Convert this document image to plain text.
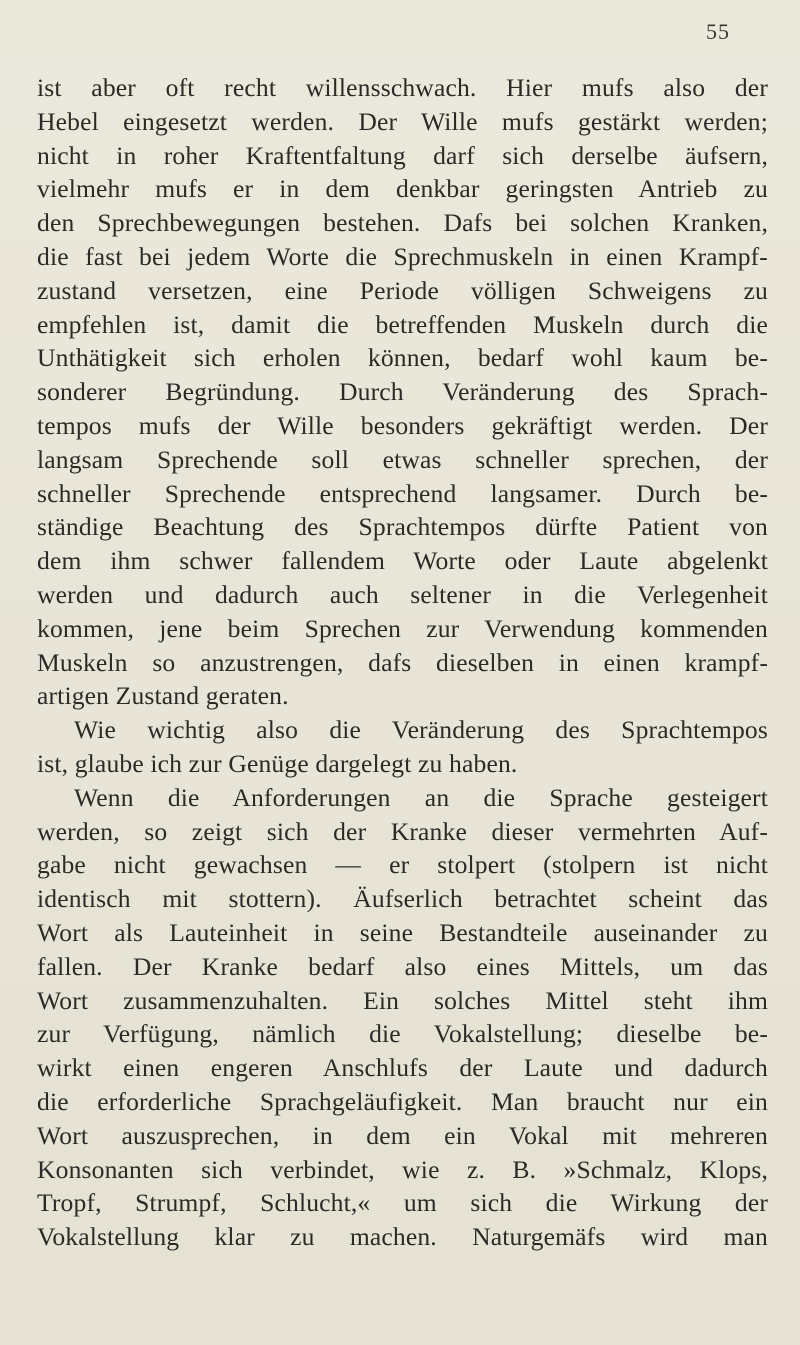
55
ist aber oft recht willensschwach. Hier mufs also der
Hebel eingesetzt werden. Der Wille mufs gestärkt werden;
nicht in roher Kraftentfaltung darf sich derselbe äufsern,
vielmehr mufs er in dem denkbar geringsten Antrieb zu
den Sprechbewegungen bestehen. Dafs bei solchen Kranken,
die fast bei jedem Worte die Sprechmuskeln in einen Krampf-
zustand versetzen, eine Periode völligen Schweigens zu
empfehlen ist, damit die betreffenden Muskeln durch die
Unthätigkeit sich erholen können, bedarf wohl kaum be-
sonderer Begründung. Durch Veränderung des Sprach-
tempos mufs der Wille besonders gekräftigt werden. Der
langsam Sprechende soll etwas schneller sprechen, der
schneller Sprechende entsprechend langsamer. Durch be-
ständige Beachtung des Sprachtempos dürfte Patient von
dem ihm schwer fallendem Worte oder Laute abgelenkt
werden und dadurch auch seltener in die Verlegenheit
kommen, jene beim Sprechen zur Verwendung kommenden
Muskeln so anzustrengen, dafs dieselben in einen krampf-
artigen Zustand geraten.
Wie wichtig also die Veränderung des Sprachtempos
ist, glaube ich zur Genüge dargelegt zu haben.
Wenn die Anforderungen an die Sprache gesteigert
werden, so zeigt sich der Kranke dieser vermehrten Auf-
gabe nicht gewachsen — er stolpert (stolpern ist nicht
identisch mit stottern). Äufserlich betrachtet scheint das
Wort als Lauteinheit in seine Bestandteile auseinander zu
fallen. Der Kranke bedarf also eines Mittels, um das
Wort zusammenzuhalten. Ein solches Mittel steht ihm
zur Verfügung, nämlich die Vokalstellung; dieselbe be-
wirkt einen engeren Anschlufs der Laute und dadurch
die erforderliche Sprachgeläufigkeit. Man braucht nur ein
Wort auszusprechen, in dem ein Vokal mit mehreren
Konsonanten sich verbindet, wie z. B. »Schmalz, Klops,
Tropf, Strumpf, Schlucht,« um sich die Wirkung der
Vokalstellung klar zu machen. Naturgemäfs wird man
